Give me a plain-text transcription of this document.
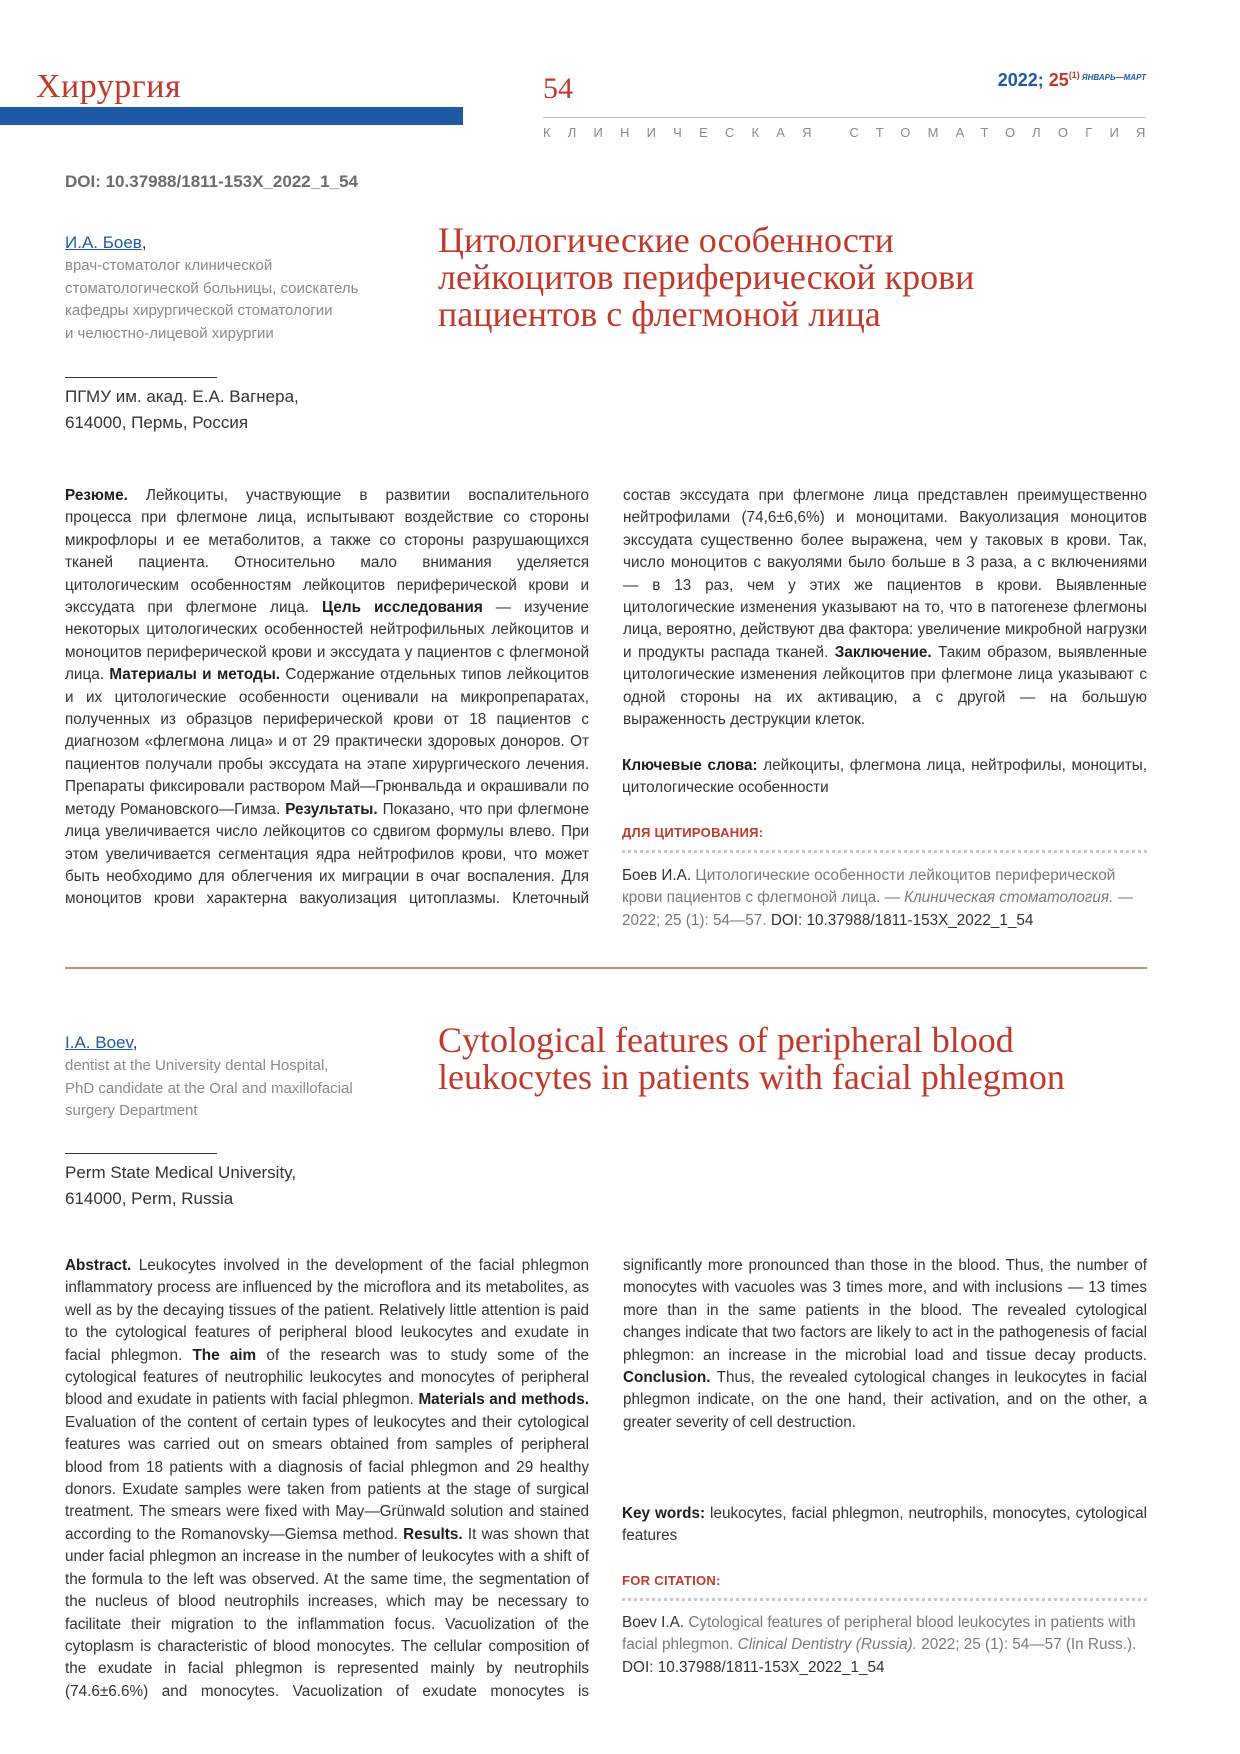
Хирургия	54	2022; 25$^{(1)}$ $^{ЯНВАРЬ—МАРТ}$
КЛИНИЧЕСКАЯ СТОМАТОЛОГИЯ
DOI: 10.37988/1811-153X_2022_1_54
И.А. Боев,
врач-стоматолог клинической
стоматологической больницы, соискатель
кафедры хирургической стоматологии
и челюстно-лицевой хирургии
ПГМУ им. акад. Е.А. Вагнера,
614000, Пермь, Россия
Цитологические особенности
лейкоцитов периферической крови
пациентов с флегмоной лица
Резюме. Лейкоциты, участвующие в развитии воспалительного процесса при флегмоне лица, испытывают воздействие со стороны микрофлоры и ее метаболитов, а также со стороны разрушающихся тканей пациента. Относительно мало внимания уделяется цитологическим особенностям лейкоцитов периферической крови и экссудата при флегмоне лица. Цель исследования — изучение некоторых цитологических особенностей нейтрофильных лейкоцитов и моноцитов периферической крови и экссудата у пациентов с флегмоной лица. Материалы и методы. Содержание отдельных типов лейкоцитов и их цитологические особенности оценивали на микропрепаратах, полученных из образцов периферической крови от 18 пациентов с диагнозом «флегмона лица» и от 29 практически здоровых доноров. От пациентов получали пробы экссудата на этапе хирургического лечения. Препараты фиксировали раствором Май—Грюнвальда и окрашивали по методу Романовского—Гимза. Результаты. Показано, что при флегмоне лица увеличивается число лейкоцитов со сдвигом формулы влево. При этом увеличивается сегментация ядра нейтрофилов крови, что может быть необходимо для облегчения их миграции в очаг воспаления. Для моноцитов крови характерна вакуолизация цитоплазмы. Клеточный состав экссудата при флегмоне лица представлен преимущественно нейтрофилами (74,6±6,6%) и моноцитами. Вакуолизация моноцитов экссудата существенно более выражена, чем у таковых в крови. Так, число моноцитов с вакуолями было больше в 3 раза, а с включениями — в 13 раз, чем у этих же пациентов в крови. Выявленные цитологические изменения указывают на то, что в патогенезе флегмоны лица, вероятно, действуют два фактора: увеличение микробной нагрузки и продукты распада тканей. Заключение. Таким образом, выявленные цитологические изменения лейкоцитов при флегмоне лица указывают с одной стороны на их активацию, а с другой — на большую выраженность деструкции клеток.
Ключевые слова: лейкоциты, флегмона лица, нейтрофилы, моноциты, цитологические особенности
ДЛЯ ЦИТИРОВАНИЯ:
Боев И.А. Цитологические особенности лейкоцитов периферической крови пациентов с флегмоной лица. — Клиническая стоматология. — 2022; 25 (1): 54—57. DOI: 10.37988/1811-153X_2022_1_54
I.A. Boev,
dentist at the University dental Hospital,
PhD candidate at the Oral and maxillofacial
surgery Department
Perm State Medical University,
614000, Perm, Russia
Cytological features of peripheral blood
leukocytes in patients with facial phlegmon
Abstract. Leukocytes involved in the development of the facial phlegmon inflammatory process are influenced by the microflora and its metabolites, as well as by the decaying tissues of the patient. Relatively little attention is paid to the cytological features of peripheral blood leukocytes and exudate in facial phlegmon. The aim of the research was to study some of the cytological features of neutrophilic leukocytes and monocytes of peripheral blood and exudate in patients with facial phlegmon. Materials and methods. Evaluation of the content of certain types of leukocytes and their cytological features was carried out on smears obtained from samples of peripheral blood from 18 patients with a diagnosis of facial phlegmon and 29 healthy donors. Exudate samples were taken from patients at the stage of surgical treatment. The smears were fixed with May—Grünwald solution and stained according to the Romanovsky—Giemsa method. Results. It was shown that under facial phlegmon an increase in the number of leukocytes with a shift of the formula to the left was observed. At the same time, the segmentation of the nucleus of blood neutrophils increases, which may be necessary to facilitate their migration to the inflammation focus. Vacuolization of the cytoplasm is characteristic of blood monocytes. The cellular composition of the exudate in facial phlegmon is represented mainly by neutrophils (74.6±6.6%) and monocytes. Vacuolization of exudate monocytes is significantly more pronounced than those in the blood. Thus, the number of monocytes with vacuoles was 3 times more, and with inclusions — 13 times more than in the same patients in the blood. The revealed cytological changes indicate that two factors are likely to act in the pathogenesis of facial phlegmon: an increase in the microbial load and tissue decay products. Conclusion. Thus, the revealed cytological changes in leukocytes in facial phlegmon indicate, on the one hand, their activation, and on the other, a greater severity of cell destruction.
Key words: leukocytes, facial phlegmon, neutrophils, monocytes, cytological features
FOR CITATION:
Boev I.A. Cytological features of peripheral blood leukocytes in patients with facial phlegmon. Clinical Dentistry (Russia). 2022; 25 (1): 54—57 (In Russ.). DOI: 10.37988/1811-153X_2022_1_54
